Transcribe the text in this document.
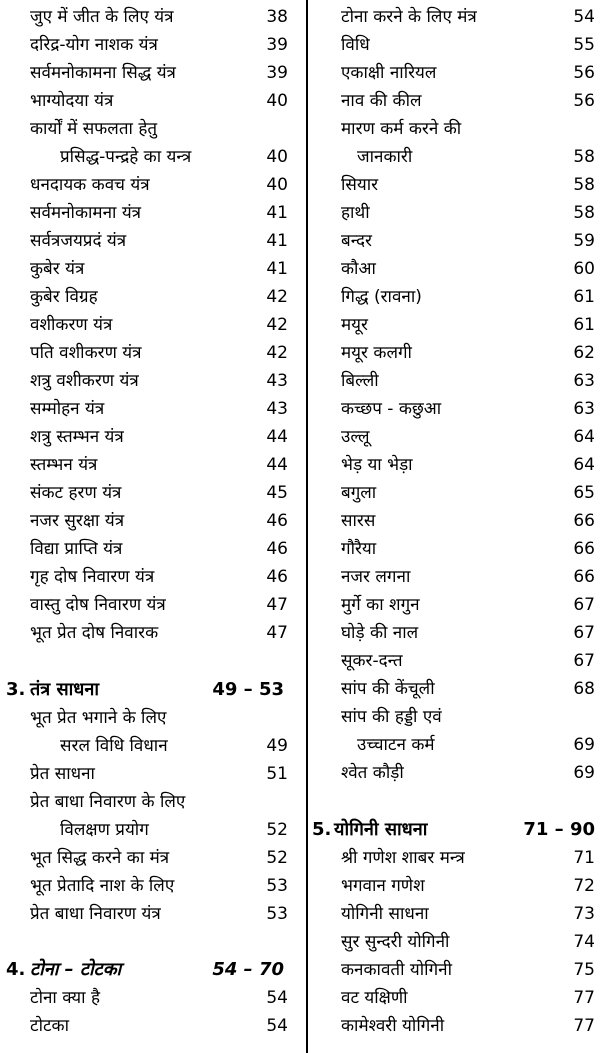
जुए में जीत के लिए यंत्र	38
दरिद्र-योग नाशक यंत्र	39
सर्वमनोकामना सिद्ध यंत्र	39
भाग्योदया यंत्र	40
कार्यों में सफलता हेतु
प्रसिद्ध-पन्द्रहे का यन्त्र	40
धनदायक कवच यंत्र	40
सर्वमनोकामना यंत्र	41
सर्वत्रजयप्रदं यंत्र	41
कुबेर यंत्र	41
कुबेर विग्रह	42
वशीकरण यंत्र	42
पति वशीकरण यंत्र	42
शत्रु वशीकरण यंत्र	43
सम्मोहन यंत्र	43
शत्रु स्तम्भन यंत्र	44
स्तम्भन यंत्र	44
संकट हरण यंत्र	45
नजर सुरक्षा यंत्र	46
विद्या प्राप्ति यंत्र	46
गृह दोष निवारण यंत्र	46
वास्तु दोष निवारण यंत्र	47
भूत प्रेत दोष निवारक	47
3. तंत्र साधना	49 – 53
भूत प्रेत भगाने के लिए
सरल विधि विधान	49
प्रेत साधना	51
प्रेत बाधा निवारण के लिए
विलक्षण प्रयोग	52
भूत सिद्ध करने का मंत्र	52
भूत प्रेतादि नाश के लिए	53
प्रेत बाधा निवारण यंत्र	53
4. टोना – टोटका	54 – 70
टोना क्या है	54
टोटका	54
टोना करने के लिए मंत्र	54
विधि	55
एकाक्षी नारियल	56
नाव की कील	56
मारण कर्म करने की
जानकारी	58
सियार	58
हाथी	58
बन्दर	59
कौआ	60
गिद्ध (रावना)	61
मयूर	61
मयूर कलगी	62
बिल्ली	63
कच्छप - कछुआ	63
उल्लू	64
भेड़ या भेड़ा	64
बगुला	65
सारस	66
गौरैया	66
नजर लगना	66
मुर्गे का शगुन	67
घोड़े की नाल	67
सूकर-दन्त	67
सांप की केंचूली	68
सांप की हड्डी एवं
उच्चाटन कर्म	69
श्वेत कौड़ी	69
5. योगिनी साधना	71 – 90
श्री गणेश शाबर मन्त्र	71
भगवान गणेश	72
योगिनी साधना	73
सुर सुन्दरी योगिनी	74
कनकावती योगिनी	75
वट यक्षिणी	77
कामेश्वरी योगिनी	77
